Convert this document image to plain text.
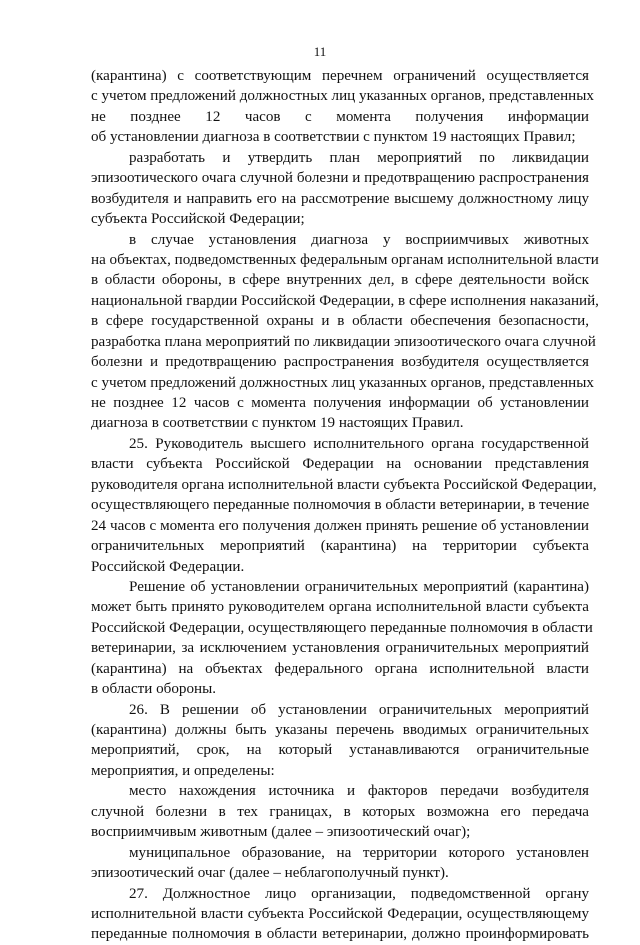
11
(карантина) с соответствующим перечнем ограничений осуществляется
с учетом предложений должностных лиц указанных органов, представленных
не позднее 12 часов с момента получения информации
об установлении диагноза в соответствии с пунктом 19 настоящих Правил;
разработать и утвердить план мероприятий по ликвидации
эпизоотического очага случной болезни и предотвращению распространения
возбудителя и направить его на рассмотрение высшему должностному лицу
субъекта Российской Федерации;
в случае установления диагноза у восприимчивых животных
на объектах, подведомственных федеральным органам исполнительной власти
в области обороны, в сфере внутренних дел, в сфере деятельности войск
национальной гвардии Российской Федерации, в сфере исполнения наказаний,
в сфере государственной охраны и в области обеспечения безопасности,
разработка плана мероприятий по ликвидации эпизоотического очага случной
болезни и предотвращению распространения возбудителя осуществляется
с учетом предложений должностных лиц указанных органов, представленных
не позднее 12 часов с момента получения информации об установлении
диагноза в соответствии с пунктом 19 настоящих Правил.
25. Руководитель высшего исполнительного органа государственной
власти субъекта Российской Федерации на основании представления
руководителя органа исполнительной власти субъекта Российской Федерации,
осуществляющего переданные полномочия в области ветеринарии, в течение
24 часов с момента его получения должен принять решение об установлении
ограничительных мероприятий (карантина) на территории субъекта
Российской Федерации.
Решение об установлении ограничительных мероприятий (карантина)
может быть принято руководителем органа исполнительной власти субъекта
Российской Федерации, осуществляющего переданные полномочия в области
ветеринарии, за исключением установления ограничительных мероприятий
(карантина) на объектах федерального органа исполнительной власти
в области обороны.
26. В решении об установлении ограничительных мероприятий
(карантина) должны быть указаны перечень вводимых ограничительных
мероприятий, срок, на который устанавливаются ограничительные
мероприятия, и определены:
место нахождения источника и факторов передачи возбудителя
случной болезни в тех границах, в которых возможна его передача
восприимчивым животным (далее – эпизоотический очаг);
муниципальное образование, на территории которого установлен
эпизоотический очаг (далее – неблагополучный пункт).
27. Должностное лицо организации, подведомственной органу
исполнительной власти субъекта Российской Федерации, осуществляющему
переданные полномочия в области ветеринарии, должно проинформировать
